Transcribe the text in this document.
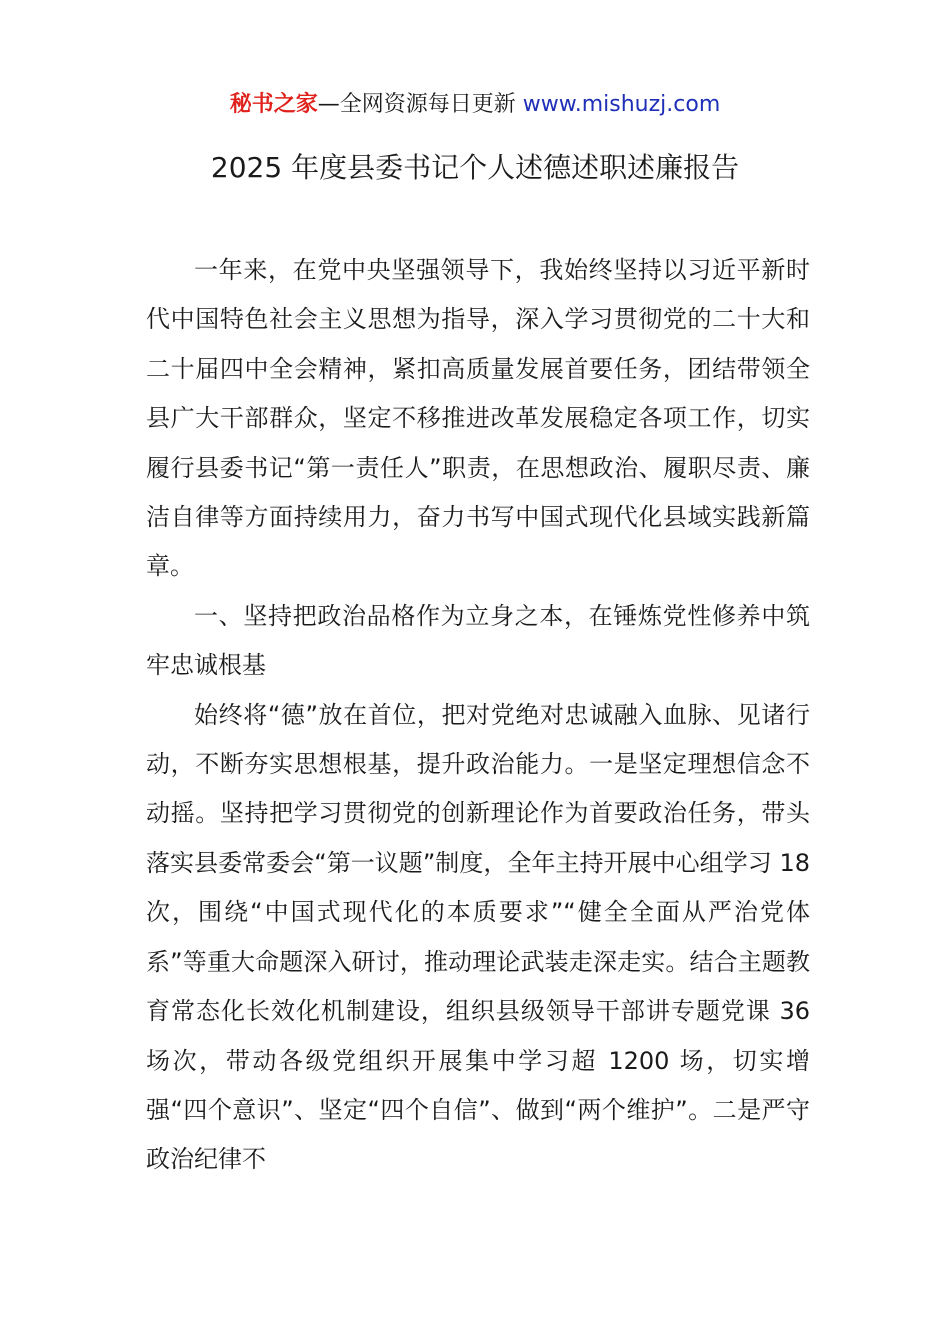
秘书之家—全网资源每日更新 www.mishuzj.com
2025 年度县委书记个人述德述职述廉报告

一年来，在党中央坚强领导下，我始终坚持以习近平新时代中国特色社会主义思想为指导，深入学习贯彻党的二十大和二十届四中全会精神，紧扣高质量发展首要任务，团结带领全县广大干部群众，坚定不移推进改革发展稳定各项工作，切实履行县委书记“第一责任人”职责，在思想政治、履职尽责、廉洁自律等方面持续用力，奋力书写中国式现代化县域实践新篇章。

一、坚持把政治品格作为立身之本，在锤炼党性修养中筑牢忠诚根基

始终将“德”放在首位，把对党绝对忠诚融入血脉、见诸行动，不断夯实思想根基，提升政治能力。一是坚定理想信念不动摇。坚持把学习贯彻党的创新理论作为首要政治任务，带头落实县委常委会“第一议题”制度，全年主持开展中心组学习 18 次，围绕“中国式现代化的本质要求”“健全全面从严治党体系”等重大命题深入研讨，推动理论武装走深走实。结合主题教育常态化长效化机制建设，组织县级领导干部讲专题党课 36 场次，带动各级党组织开展集中学习超 1200 场，切实增强“四个意识”、坚定“四个自信”、做到“两个维护”。二是严守政治纪律不
